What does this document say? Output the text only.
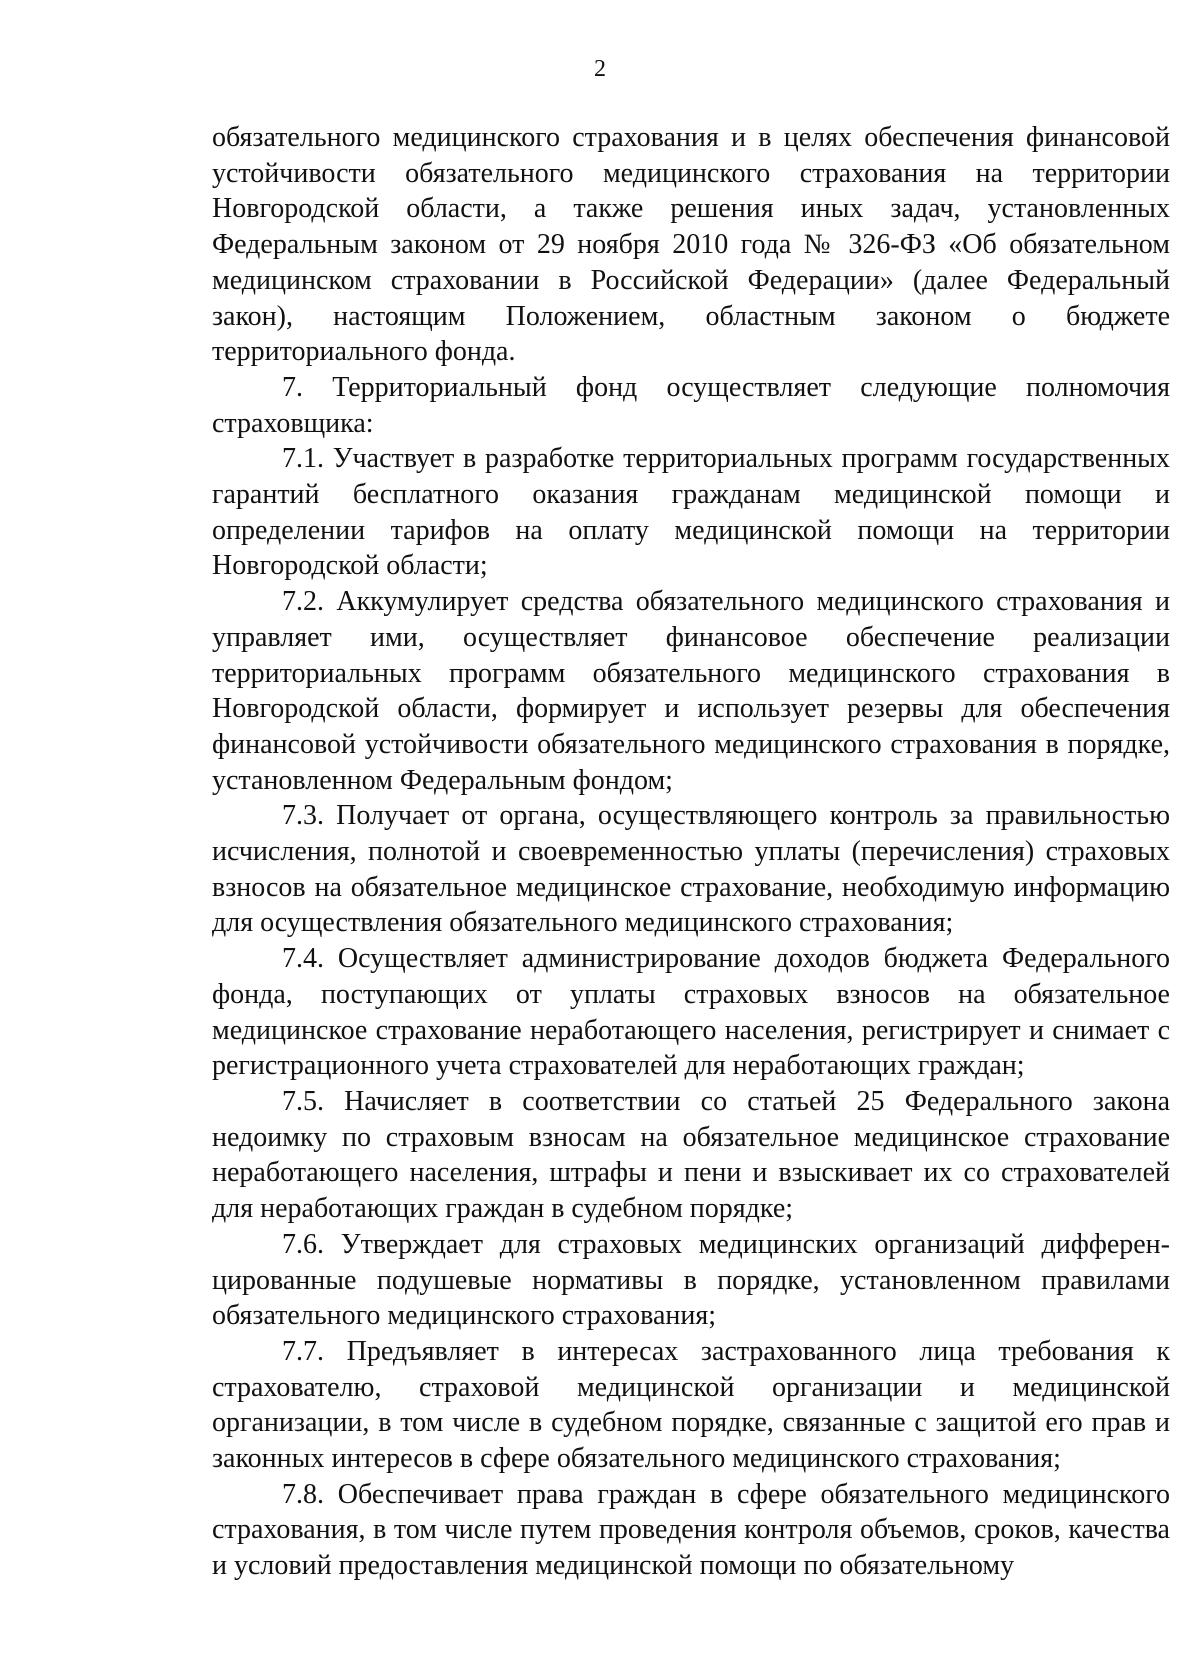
2

обязательного медицинского страхования и в целях обеспечения финансовой устойчивости обязательного медицинского страхования на территории Новгородской области, а также решения иных задач, установленных Федеральным законом от 29 ноября 2010 года № 326-ФЗ «Об обязательном медицинском страховании в Российской Федерации» (далее Федеральный закон), настоящим Положением, областным законом о бюджете территориального фонда.

7. Территориальный фонд осуществляет следующие полномочия страховщика:

7.1. Участвует в разработке территориальных программ государственных гарантий бесплатного оказания гражданам медицинской помощи и определении тарифов на оплату медицинской помощи на территории Новгородской области;

7.2. Аккумулирует средства обязательного медицинского страхования и управляет ими, осуществляет финансовое обеспечение реализации территориальных программ обязательного медицинского страхования в Новгородской области, формирует и использует резервы для обеспечения финансовой устойчивости обязательного медицинского страхования в порядке, установленном Федеральным фондом;

7.3. Получает от органа, осуществляющего контроль за правильностью исчисления, полнотой и своевременностью уплаты (перечисления) страховых взносов на обязательное медицинское страхование, необходимую информацию для осуществления обязательного медицинского страхования;

7.4. Осуществляет администрирование доходов бюджета Федерального фонда, поступающих от уплаты страховых взносов на обязательное медицинское страхование неработающего населения, регистрирует и снимает с регистрационного учета страхователей для неработающих граждан;

7.5. Начисляет в соответствии со статьей 25 Федерального закона недоимку по страховым взносам на обязательное медицинское страхование неработающего населения, штрафы и пени и взыскивает их со страхователей для неработающих граждан в судебном порядке;

7.6. Утверждает для страховых медицинских организаций дифференцированные подушевые нормативы в порядке, установленном правилами обязательного медицинского страхования;

7.7. Предъявляет в интересах застрахованного лица требования к страхователю, страховой медицинской организации и медицинской организации, в том числе в судебном порядке, связанные с защитой его прав и законных интересов в сфере обязательного медицинского страхования;

7.8. Обеспечивает права граждан в сфере обязательного медицинского страхования, в том числе путем проведения контроля объемов, сроков, качества и условий предоставления медицинской помощи по обязательному
